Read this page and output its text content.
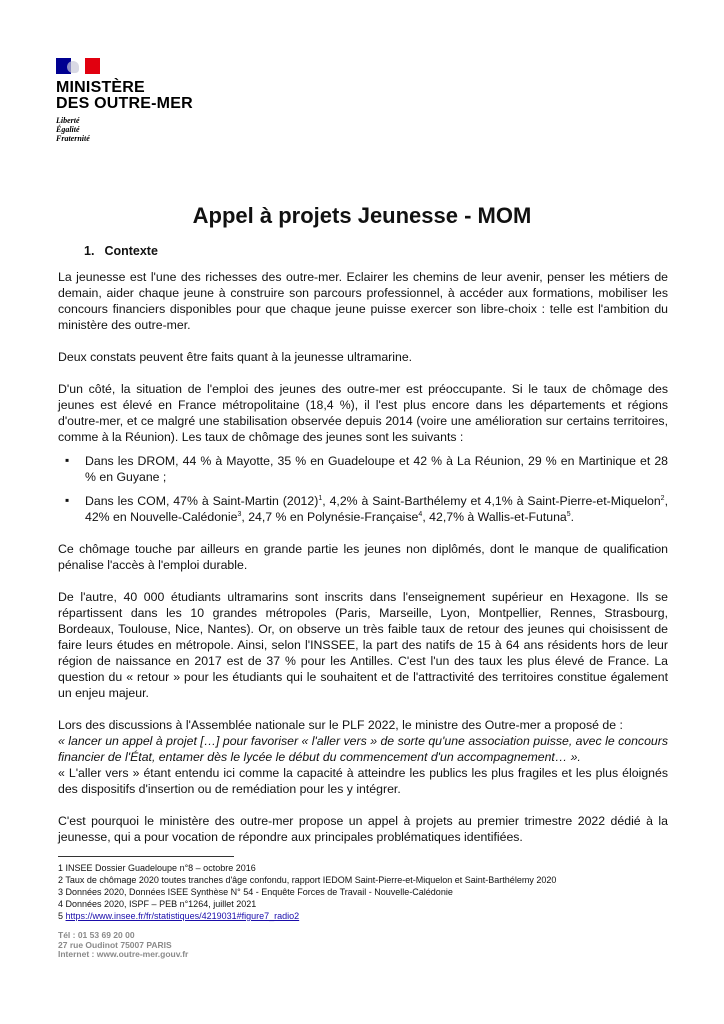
MINISTÈRE
DES OUTRE-MER
Liberté
Égalité
Fraternité
Appel à projets Jeunesse - MOM
1. Contexte

La jeunesse est l'une des richesses des outre-mer. Eclairer les chemins de leur avenir, penser les métiers de demain, aider chaque jeune à construire son parcours professionnel, à accéder aux formations, mobiliser les concours financiers disponibles pour que chaque jeune puisse exercer son libre-choix : telle est l'ambition du ministère des outre-mer.

Deux constats peuvent être faits quant à la jeunesse ultramarine.

D'un côté, la situation de l'emploi des jeunes des outre-mer est préoccupante. Si le taux de chômage des jeunes est élevé en France métropolitaine (18,4 %), il l'est plus encore dans les départements et régions d'outre-mer, et ce malgré une stabilisation observée depuis 2014 (voire une amélioration sur certains territoires, comme à la Réunion). Les taux de chômage des jeunes sont les suivants :

▪ Dans les DROM, 44 % à Mayotte, 35 % en Guadeloupe et 42 % à La Réunion, 29 % en Martinique et 28 % en Guyane ;
▪ Dans les COM, 47% à Saint-Martin $(2012)^1$, 4,2% à Saint-Barthélemy et 4,1% à Saint-Pierre-et-Miquelon$^2$, 42% en Nouvelle-Calédonie$^3$, 24,7 % en Polynésie-Française$^4$, 42,7% à Wallis-et-Futuna$^5$.

Ce chômage touche par ailleurs en grande partie les jeunes non diplômés, dont le manque de qualification pénalise l'accès à l'emploi durable.

De l'autre, 40 000 étudiants ultramarins sont inscrits dans l'enseignement supérieur en Hexagone. Ils se répartissent dans les 10 grandes métropoles (Paris, Marseille, Lyon, Montpellier, Rennes, Strasbourg, Bordeaux, Toulouse, Nice, Nantes). Or, on observe un très faible taux de retour des jeunes qui choisissent de faire leurs études en métropole. Ainsi, selon l'INSSEE, la part des natifs de 15 à 64 ans résidents hors de leur région de naissance en 2017 est de 37 % pour les Antilles. C'est l'un des taux les plus élevé de France. La question du « retour » pour les étudiants qui le souhaitent et de l'attractivité des territoires constitue également un enjeu majeur.

Lors des discussions à l'Assemblée nationale sur le PLF 2022, le ministre des Outre-mer a proposé de :

« lancer un appel à projet […] pour favoriser « l'aller vers » de sorte qu'une association puisse, avec le concours financier de l'État, entamer dès le lycée le début du commencement d'un accompagnement… ».

« L'aller vers » étant entendu ici comme la capacité à atteindre les publics les plus fragiles et les plus éloignés des dispositifs d'insertion ou de remédiation pour les y intégrer.

C'est pourquoi le ministère des outre-mer propose un appel à projets au premier trimestre 2022 dédié à la jeunesse, qui a pour vocation de répondre aux principales problématiques identifiées.

1 INSEE Dossier Guadeloupe n°8 – octobre 2016
2 Taux de chômage 2020 toutes tranches d'âge confondu, rapport IEDOM Saint-Pierre-et-Miquelon et Saint-Barthélemy 2020
3 Données 2020, Données ISEE Synthèse N° 54 - Enquête Forces de Travail - Nouvelle-Calédonie
4 Données 2020, ISPF – PEB n°1264, juillet 2021
5 https://www.insee.fr/fr/statistiques/4219031#figure7_radio2
Tél : 01 53 69 20 00
27 rue Oudinot 75007 PARIS
Internet : www.outre-mer.gouv.fr
